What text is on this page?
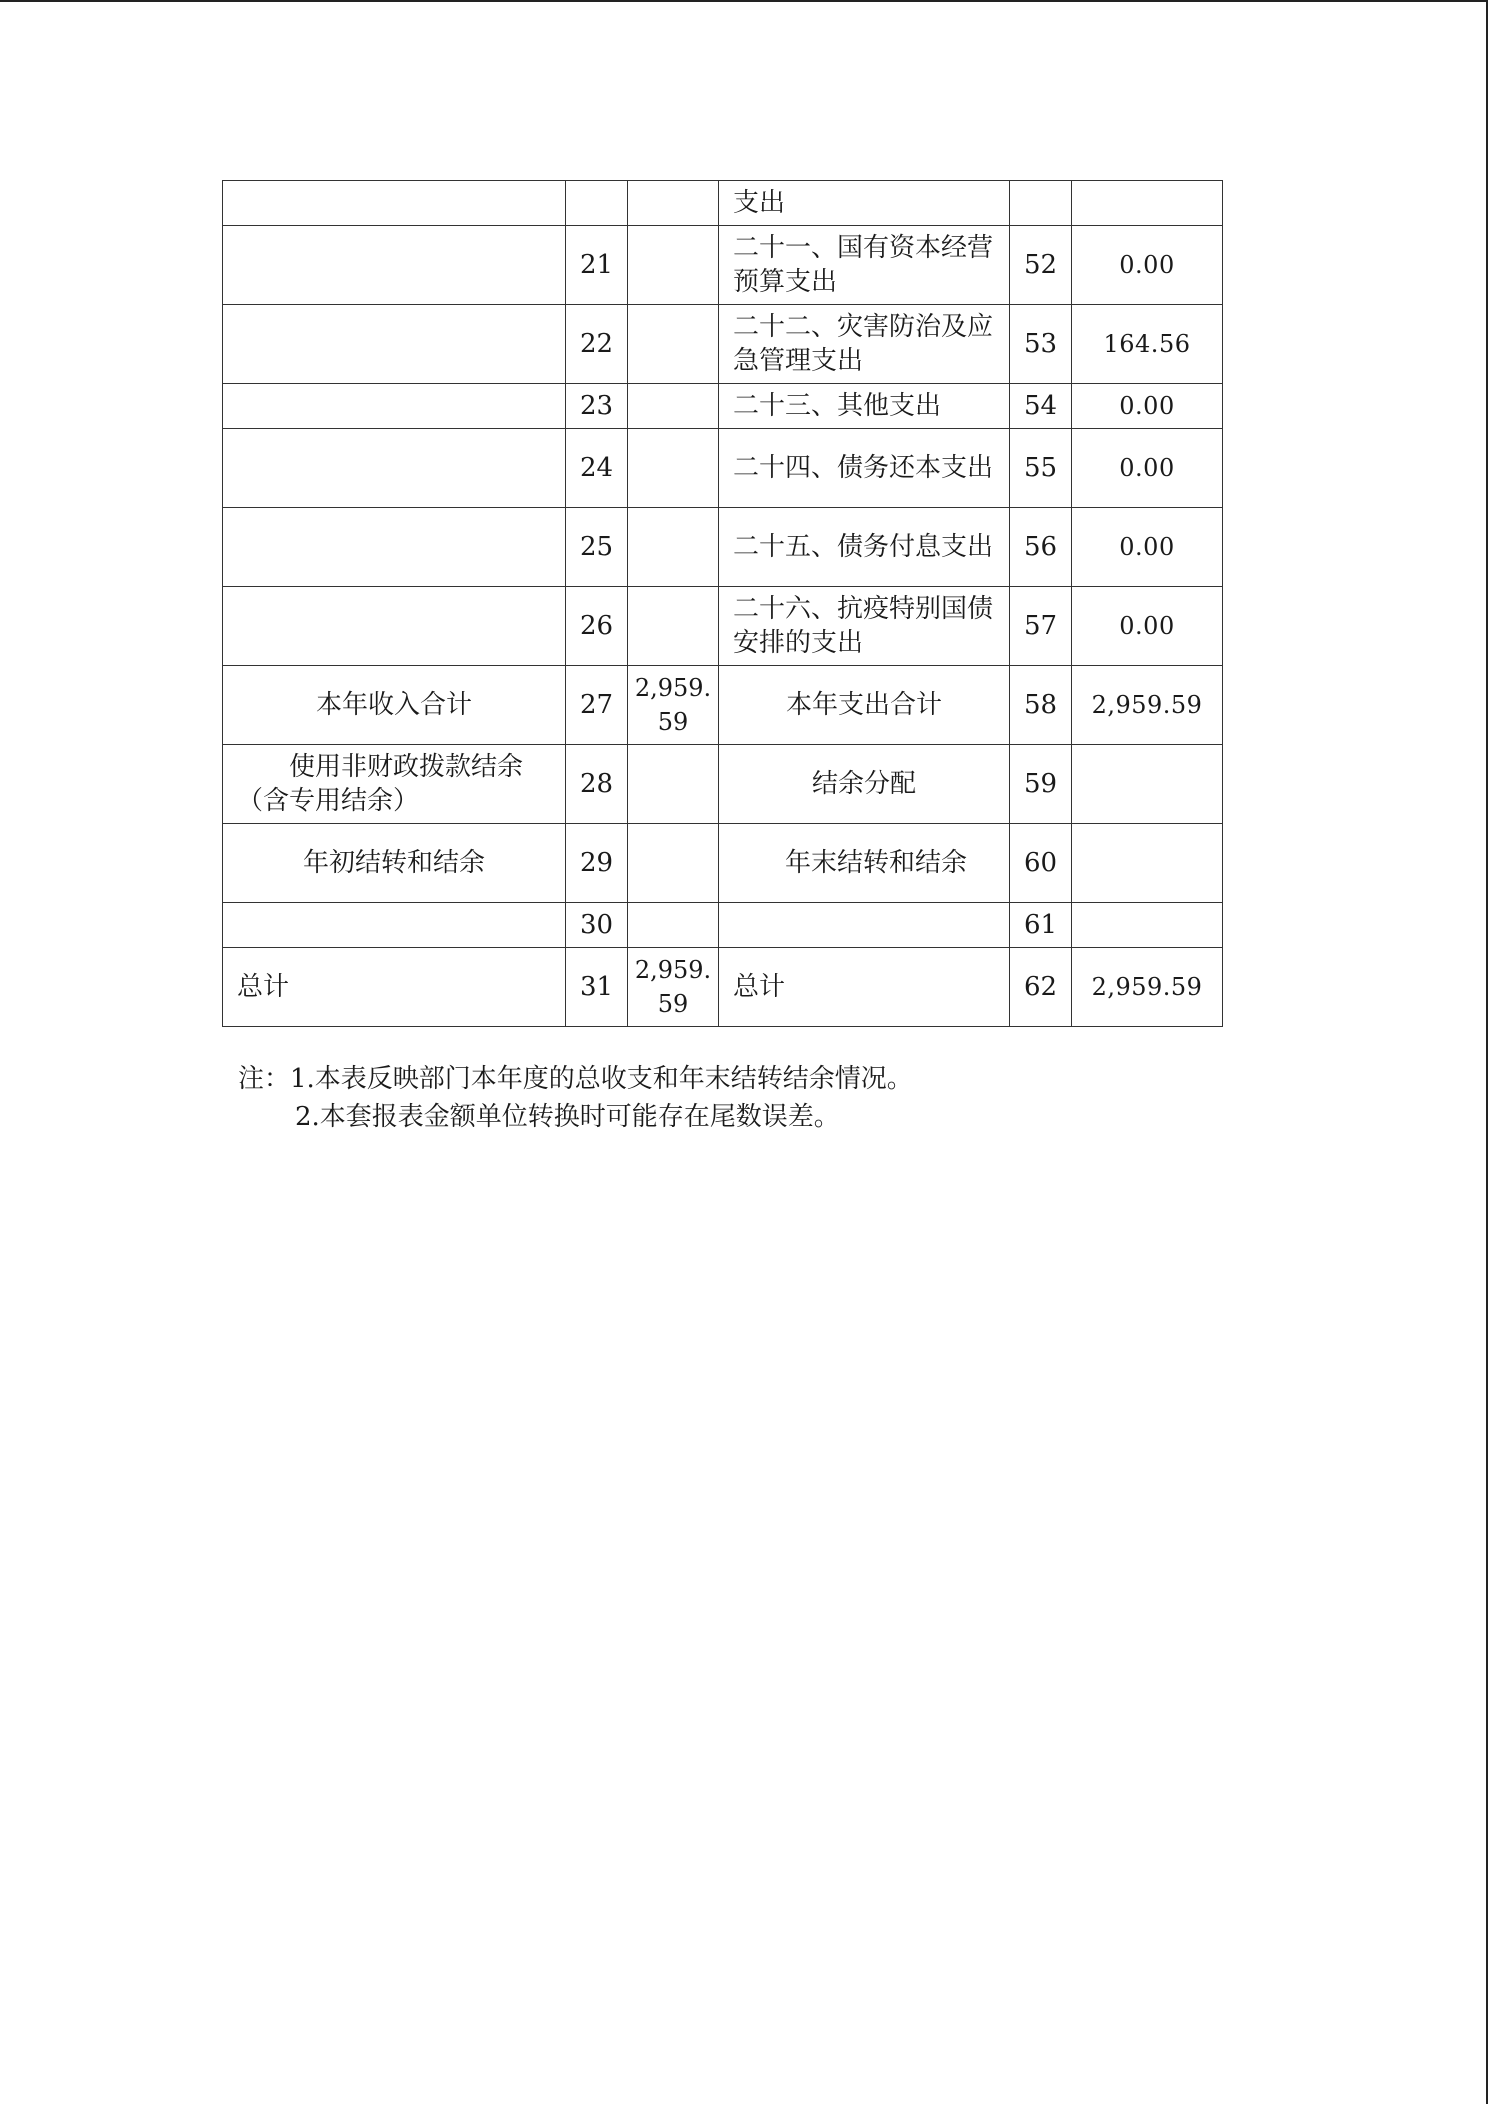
			支出		
	21		二十一、国有资本经营预算支出	52	0.00
	22		二十二、灾害防治及应急管理支出	53	164.56
	23		二十三、其他支出	54	0.00
	24		二十四、债务还本支出	55	0.00
	25		二十五、债务付息支出	56	0.00
	26		二十六、抗疫特别国债安排的支出	57	0.00
本年收入合计	27	2,959.59	本年支出合计	58	2,959.59
使用非财政拨款结余（含专用结余）	28		结余分配	59	
年初结转和结余	29		年末结转和结余	60	
	30			61	
总计	31	2,959.59	总计	62	2,959.59
注：1.本表反映部门本年度的总收支和年末结转结余情况。
2.本套报表金额单位转换时可能存在尾数误差。
